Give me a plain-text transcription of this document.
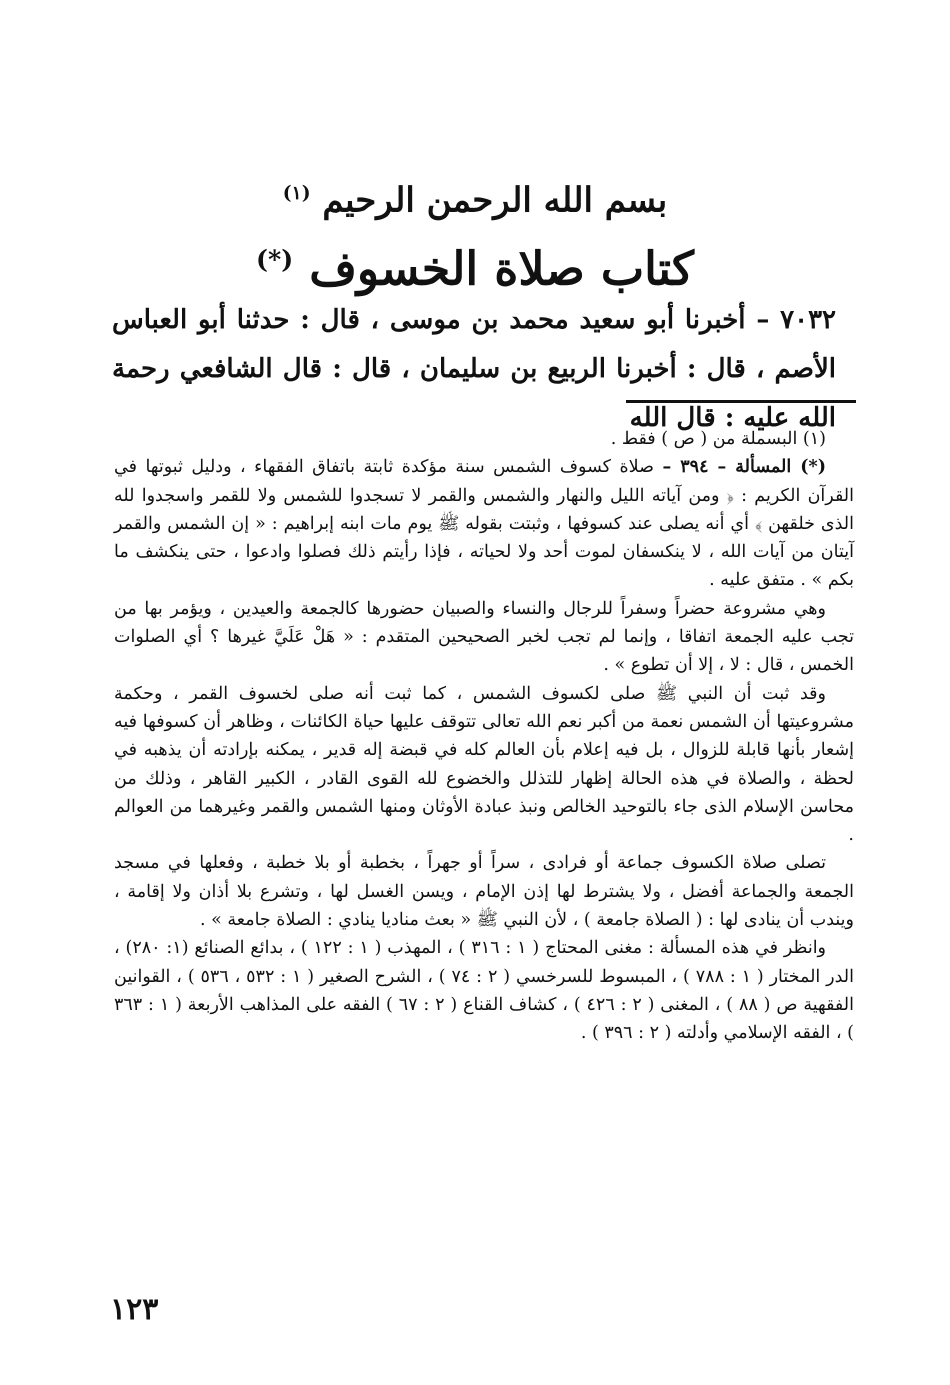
بسم الله الرحمن الرحيم $^{(١)}$
كتاب صلاة الخسوف (*)

٧٠٣٢ – أخبرنا أبو سعيد محمد بن موسى ، قال : حدثنا أبو العباس الأصم ، قال : أخبرنا الربيع بن سليمان ، قال : قال الشافعي رحمة الله عليه : قال الله

(١) البسملة من ( ص ) فقط .

(*) المسألة – ٣٩٤ – صلاة كسوف الشمس سنة مؤكدة ثابتة باتفاق الفقهاء ، ودليل ثبوتها في القرآن الكريم : ﴿ ومن آياته الليل والنهار والشمس والقمر لا تسجدوا للشمس ولا للقمر واسجدوا لله الذى خلقهن ﴾ أي أنه يصلى عند كسوفها ، وثبتت بقوله ﷺ يوم مات ابنه إبراهيم : « إن الشمس والقمر آيتان من آيات الله ، لا ينكسفان لموت أحد ولا لحياته ، فإذا رأيتم ذلك فصلوا وادعوا ، حتى ينكشف ما بكم » . متفق عليه .

وهي مشروعة حضراً وسفراً للرجال والنساء والصبيان حضورها كالجمعة والعيدين ، ويؤمر بها من تجب عليه الجمعة اتفاقا ، وإنما لم تجب لخبر الصحيحين المتقدم : « هَلْ عَلَيَّ غيرها ؟ أي الصلوات الخمس ، قال : لا ، إلا أن تطوع » .

وقد ثبت أن النبي ﷺ صلى لكسوف الشمس ، كما ثبت أنه صلى لخسوف القمر ، وحكمة مشروعيتها أن الشمس نعمة من أكبر نعم الله تعالى تتوقف عليها حياة الكائنات ، وظاهر أن كسوفها فيه إشعار بأنها قابلة للزوال ، بل فيه إعلام بأن العالم كله في قبضة إله قدير ، يمكنه بإرادته أن يذهبه في لحظة ، والصلاة في هذه الحالة إظهار للتذلل والخضوع لله القوى القادر ، الكبير القاهر ، وذلك من محاسن الإسلام الذى جاء بالتوحيد الخالص ونبذ عبادة الأوثان ومنها الشمس والقمر وغيرهما من العوالم .

تصلى صلاة الكسوف جماعة أو فرادى ، سراً أو جهراً ، بخطبة أو بلا خطبة ، وفعلها في مسجد الجمعة والجماعة أفضل ، ولا يشترط لها إذن الإمام ، ويسن الغسل لها ، وتشرع بلا أذان ولا إقامة ، ويندب أن ينادى لها : ( الصلاة جامعة ) ، لأن النبي ﷺ « بعث مناديا ينادي : الصلاة جامعة » .

وانظر في هذه المسألة : مغنى المحتاج ( ١ : ٣١٦ ) ، المهذب ( ١ : ١٢٢ ) ، بدائع الصنائع (١: ٢٨٠) ، الدر المختار ( ١ : ٧٨٨ ) ، المبسوط للسرخسي ( ٢ : ٧٤ ) ، الشرح الصغير ( ١ : ٥٣٢ ، ٥٣٦ ) ، القوانين الفقهية ص ( ٨٨ ) ، المغنى ( ٢ : ٤٢٦ ) ، كشاف القناع ( ٢ : ٦٧ ) الفقه على المذاهب الأربعة ( ١ : ٣٦٣ ) ، الفقه الإسلامي وأدلته ( ٢ : ٣٩٦ ) .

١٢٣
